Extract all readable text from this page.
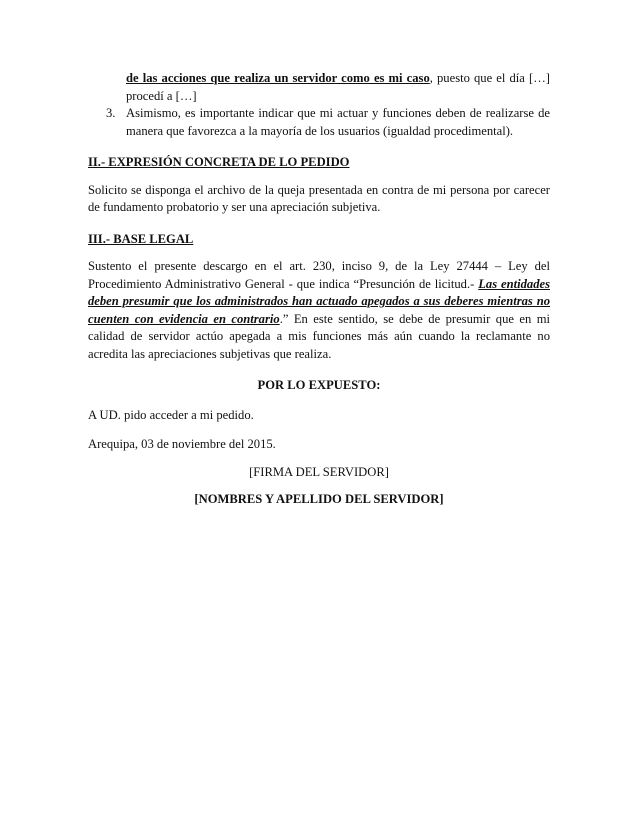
de las acciones que realiza un servidor como es mi caso, puesto que el día […] procedí a […]

3. Asimismo, es importante indicar que mi actuar y funciones deben de realizarse de manera que favorezca a la mayoría de los usuarios (igualdad procedimental).

II.- EXPRESIÓN CONCRETA DE LO PEDIDO

Solicito se disponga el archivo de la queja presentada en contra de mi persona por carecer de fundamento probatorio y ser una apreciación subjetiva.

III.- BASE LEGAL

Sustento el presente descargo en el art. 230, inciso 9, de la Ley 27444 – Ley del Procedimiento Administrativo General - que indica “Presunción de licitud.- Las entidades deben presumir que los administrados han actuado apegados a sus deberes mientras no cuenten con evidencia en contrario.” En este sentido, se debe de presumir que en mi calidad de servidor actúo apegada a mis funciones más aún cuando la reclamante no acredita las apreciaciones subjetivas que realiza.

POR LO EXPUESTO:

A UD. pido acceder a mi pedido.

Arequipa, 03 de noviembre del 2015.

[FIRMA DEL SERVIDOR]

[NOMBRES Y APELLIDO DEL SERVIDOR]
